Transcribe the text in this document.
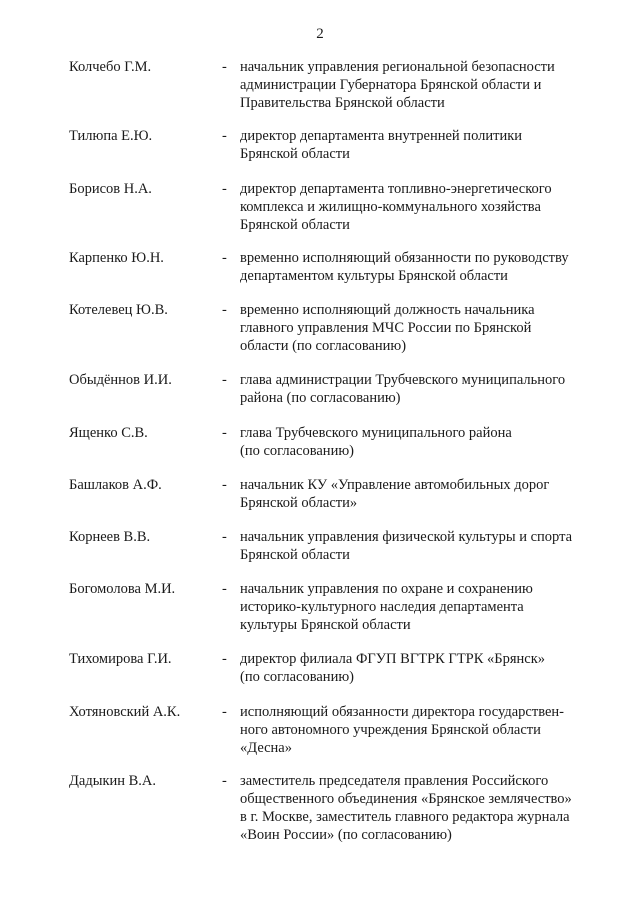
2
Колчебо Г.М.	- начальник управления региональной безопасности
администрации Губернатора Брянской области и
Правительства Брянской области
Тилюпа Е.Ю.	- директор департамента внутренней политики
Брянской области
Борисов Н.А.	- директор департамента топливно-энергетического
комплекса и жилищно-коммунального хозяйства
Брянской области
Карпенко Ю.Н.	- временно исполняющий обязанности по руководству
департаментом культуры Брянской области
Котелевец Ю.В.	- временно исполняющий должность начальника
главного управления МЧС России по Брянской
области (по согласованию)
Обыдённов И.И.	- глава администрации Трубчевского муниципального
района (по согласованию)
Ященко С.В.	- глава Трубчевского муниципального района
(по согласованию)
Башлаков А.Ф.	- начальник КУ «Управление автомобильных дорог
Брянской области»
Корнеев В.В.	- начальник управления физической культуры и спорта
Брянской области
Богомолова М.И.	- начальник управления по охране и сохранению
историко-культурного наследия департамента
культуры Брянской области
Тихомирова Г.И.	- директор филиала ФГУП ВГТРК ГТРК «Брянск»
(по согласованию)
Хотяновский А.К.	- исполняющий обязанности директора государствен-
ного автономного учреждения Брянской области
«Десна»
Дадыкин В.А.	- заместитель председателя правления Российского
общественного объединения «Брянское землячество»
в г. Москве, заместитель главного редактора журнала
«Воин России» (по согласованию)
